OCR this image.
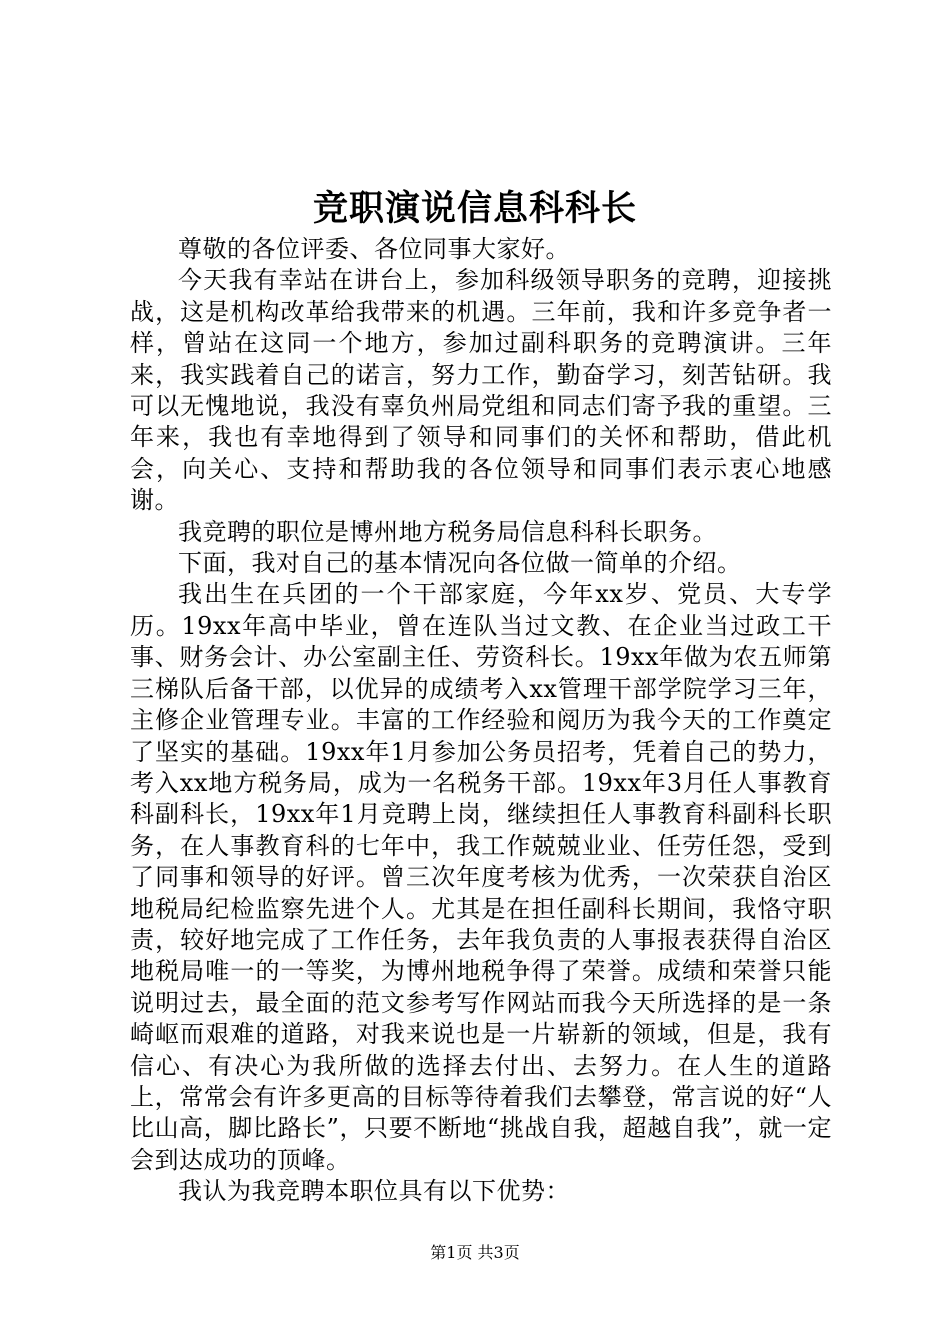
竞职演说信息科科长

尊敬的各位评委、各位同事大家好。

今天我有幸站在讲台上，参加科级领导职务的竞聘，迎接挑战，这是机构改革给我带来的机遇。三年前，我和许多竞争者一样，曾站在这同一个地方，参加过副科职务的竞聘演讲。三年来，我实践着自己的诺言，努力工作，勤奋学习，刻苦钻研。我可以无愧地说，我没有辜负州局党组和同志们寄予我的重望。三年来，我也有幸地得到了领导和同事们的关怀和帮助，借此机会，向关心、支持和帮助我的各位领导和同事们表示衷心地感谢。

我竞聘的职位是博州地方税务局信息科科长职务。

下面，我对自己的基本情况向各位做一简单的介绍。

我出生在兵团的一个干部家庭，今年xx岁、党员、大专学历。19xx年高中毕业，曾在连队当过文教、在企业当过政工干事、财务会计、办公室副主任、劳资科长。19xx年做为农五师第三梯队后备干部，以优异的成绩考入xx管理干部学院学习三年，主修企业管理专业。丰富的工作经验和阅历为我今天的工作奠定了坚实的基础。19xx年1月参加公务员招考，凭着自己的势力，考入xx地方税务局，成为一名税务干部。19xx年3月任人事教育科副科长，19xx年1月竞聘上岗，继续担任人事教育科副科长职务，在人事教育科的七年中，我工作兢兢业业、任劳任怨，受到了同事和领导的好评。曾三次年度考核为优秀，一次荣获自治区地税局纪检监察先进个人。尤其是在担任副科长期间，我恪守职责，较好地完成了工作任务，去年我负责的人事报表获得自治区地税局唯一的一等奖，为博州地税争得了荣誉。成绩和荣誉只能说明过去，最全面的范文参考写作网站而我今天所选择的是一条崎岖而艰难的道路，对我来说也是一片崭新的领域，但是，我有信心、有决心为我所做的选择去付出、去努力。在人生的道路上，常常会有许多更高的目标等待着我们去攀登，常言说的好“人比山高，脚比路长”，只要不断地“挑战自我，超越自我”，就一定会到达成功的顶峰。

我认为我竞聘本职位具有以下优势：

第1页 共3页
